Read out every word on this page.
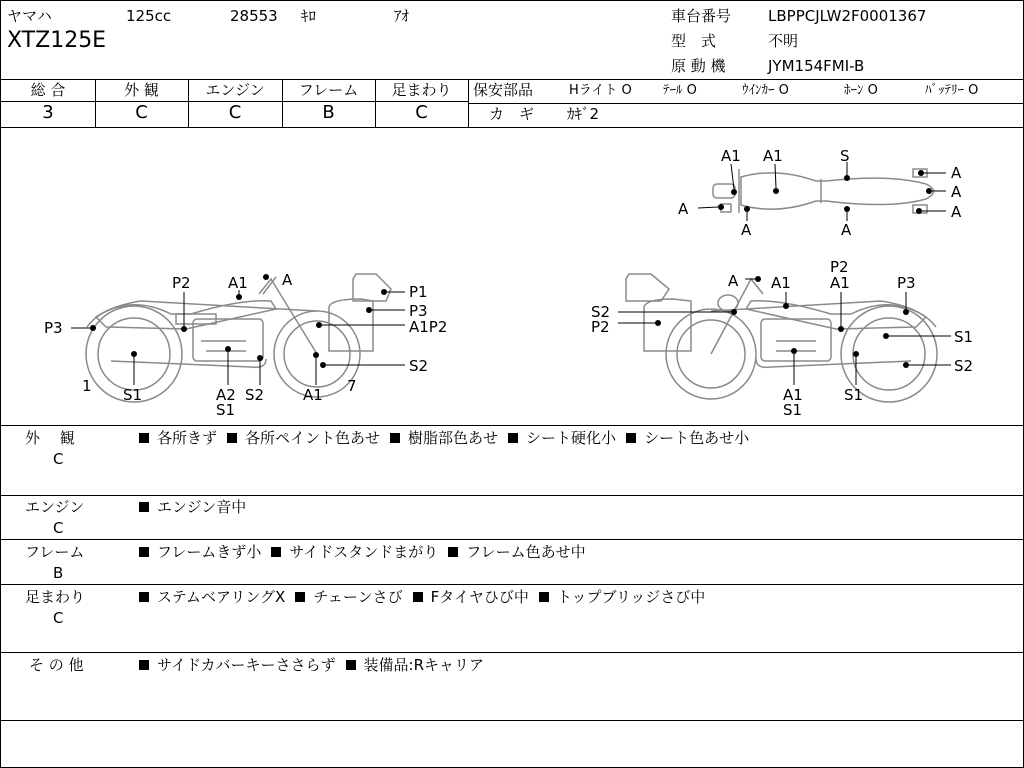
ヤマハ	125cc	28553 ｷﾛ	ｱｵ
XTZ125E
車台番号 LBPPCJLW2F0001367
型　式	不明
原 動 機	JYM154FMI-B
総 合	外 観	エンジン	フレーム	足まわり
3	C	C	B	C
保安部品	Hライト O ﾃｰﾙ O	ｳｲﾝｶｰ O	ﾎｰﾝ O	ﾊﾞｯﾃﾘｰ O
カ　ギ ｶｷﾞ2
A1 A1	S
A
A	A
A
A
A
P2 A1 A
P1
P3
P3
A1P2
S2
1 S1	A2 S2
S1
A1 7
A A1
P2
A1	P3
S2
P2
S1
S2
A1
S1
S1
外　 観
C
各所きず 各所ペイント色あせ 樹脂部色あせ シート硬化小 シート色あせ小
エンジン
C
エンジン音中
フレーム
B
フレームきず小 サイドスタンドまがり フレーム色あせ中
足まわり
C
ステムベアリングX チェーンさび Fタイヤひび中 トップブリッジさび中
そ の 他	サイドカバーキーささらず 装備品:Rキャリア
